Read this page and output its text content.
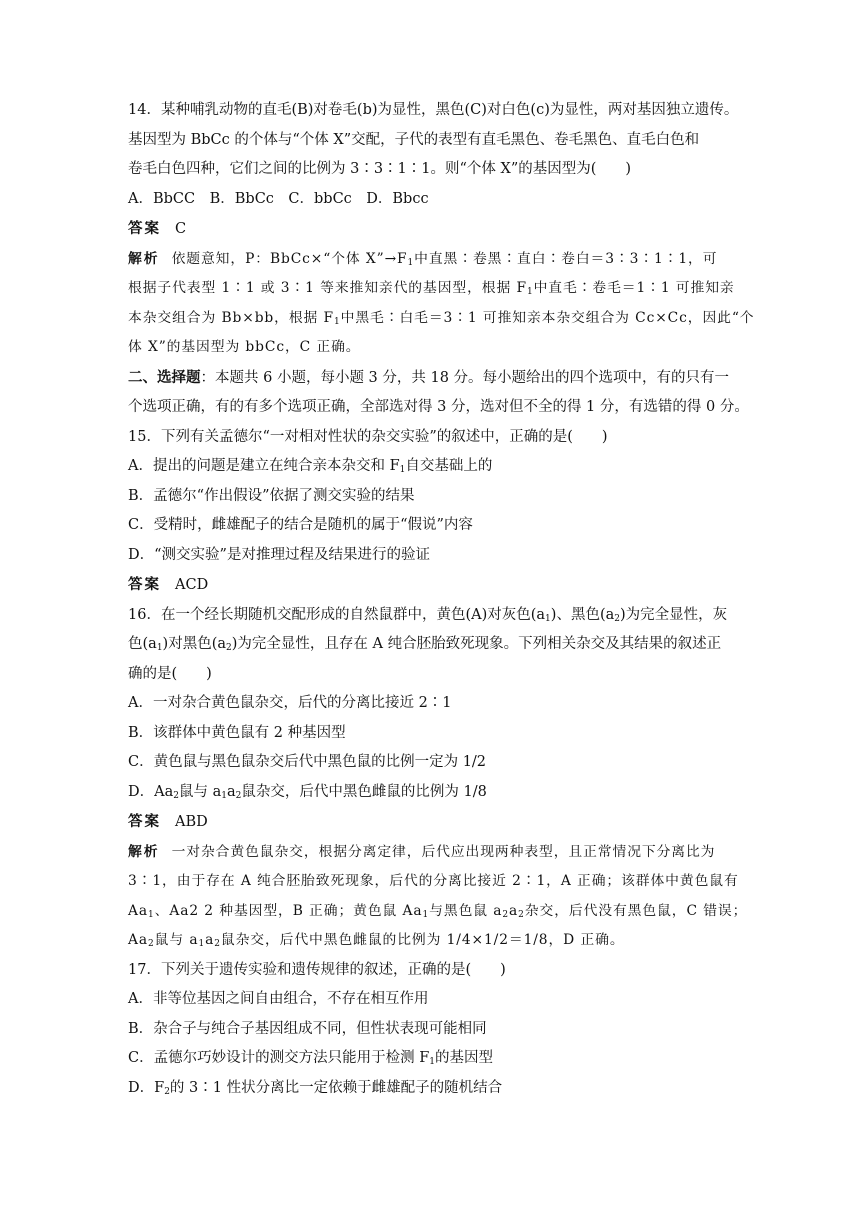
14．某种哺乳动物的直毛(B)对卷毛(b)为显性，黑色(C)对白色(c)为显性，两对基因独立遗传。
基因型为 BbCc 的个体与“个体 X”交配，子代的表型有直毛黑色、卷毛黑色、直毛白色和
卷毛白色四种，它们之间的比例为 3∶3∶1∶1。则“个体 X”的基因型为(　　)
A．BbCC　B．BbCc　C．bbCc　D．Bbcc
答案 C
解析 依题意知，P：BbCc×“个体 $X”\to F_1$中直黑∶卷黑∶直白∶卷白＝3∶3∶1∶1，可
根据子代表型 1∶1 或 3∶1 等来推知亲代的基因型，根据 $F_1$中直毛∶卷毛＝1∶1 可推知亲
本杂交组合为 Bb×bb，根据 $F_1$中黑毛∶白毛＝3∶1 可推知亲本杂交组合为 Cc×Cc，因此“个
体 X”的基因型为 bbCc，C 正确。
二、选择题：本题共 6 小题，每小题 3 分，共 18 分。每小题给出的四个选项中，有的只有一
个选项正确，有的有多个选项正确，全部选对得 3 分，选对但不全的得 1 分，有选错的得 0 分。
15．下列有关孟德尔“一对相对性状的杂交实验”的叙述中，正确的是(　　)
A．提出的问题是建立在纯合亲本杂交和 $F_1$自交基础上的
B．孟德尔“作出假设”依据了测交实验的结果
C．受精时，雌雄配子的结合是随机的属于“假说”内容
D．“测交实验”是对推理过程及结果进行的验证
答案 ACD
16．在一个经长期随机交配形成的自然鼠群中，黄色(A)对灰色$(a_1)$、黑色$(a_2)$为完全显性，灰
色$(a_1)$对黑色$(a_2)$为完全显性，且存在 A 纯合胚胎致死现象。下列相关杂交及其结果的叙述正
确的是(　　)
A．一对杂合黄色鼠杂交，后代的分离比接近 2∶1
B．该群体中黄色鼠有 2 种基因型
C．黄色鼠与黑色鼠杂交后代中黑色鼠的比例一定为 1/2
D．$Aa_2$鼠与 $a_1a_2$鼠杂交，后代中黑色雌鼠的比例为 1/8
答案 ABD
解析 一对杂合黄色鼠杂交，根据分离定律，后代应出现两种表型，且正常情况下分离比为
3∶1，由于存在 A 纯合胚胎致死现象，后代的分离比接近 2∶1，A 正确；该群体中黄色鼠有
$Aa_1$、Aa2 2 种基因型，B 正确；黄色鼠 $Aa_1$与黑色鼠 $a_2a_2$杂交，后代没有黑色鼠，C 错误；
$Aa_2$鼠与 $a_1a_2$鼠杂交，后代中黑色雌鼠的比例为 1/4×1/2＝1/8，D 正确。
17．下列关于遗传实验和遗传规律的叙述，正确的是(　　)
A．非等位基因之间自由组合，不存在相互作用
B．杂合子与纯合子基因组成不同，但性状表现可能相同
C．孟德尔巧妙设计的测交方法只能用于检测 $F_1$的基因型
D．$F_2$的 3∶1 性状分离比一定依赖于雌雄配子的随机结合
